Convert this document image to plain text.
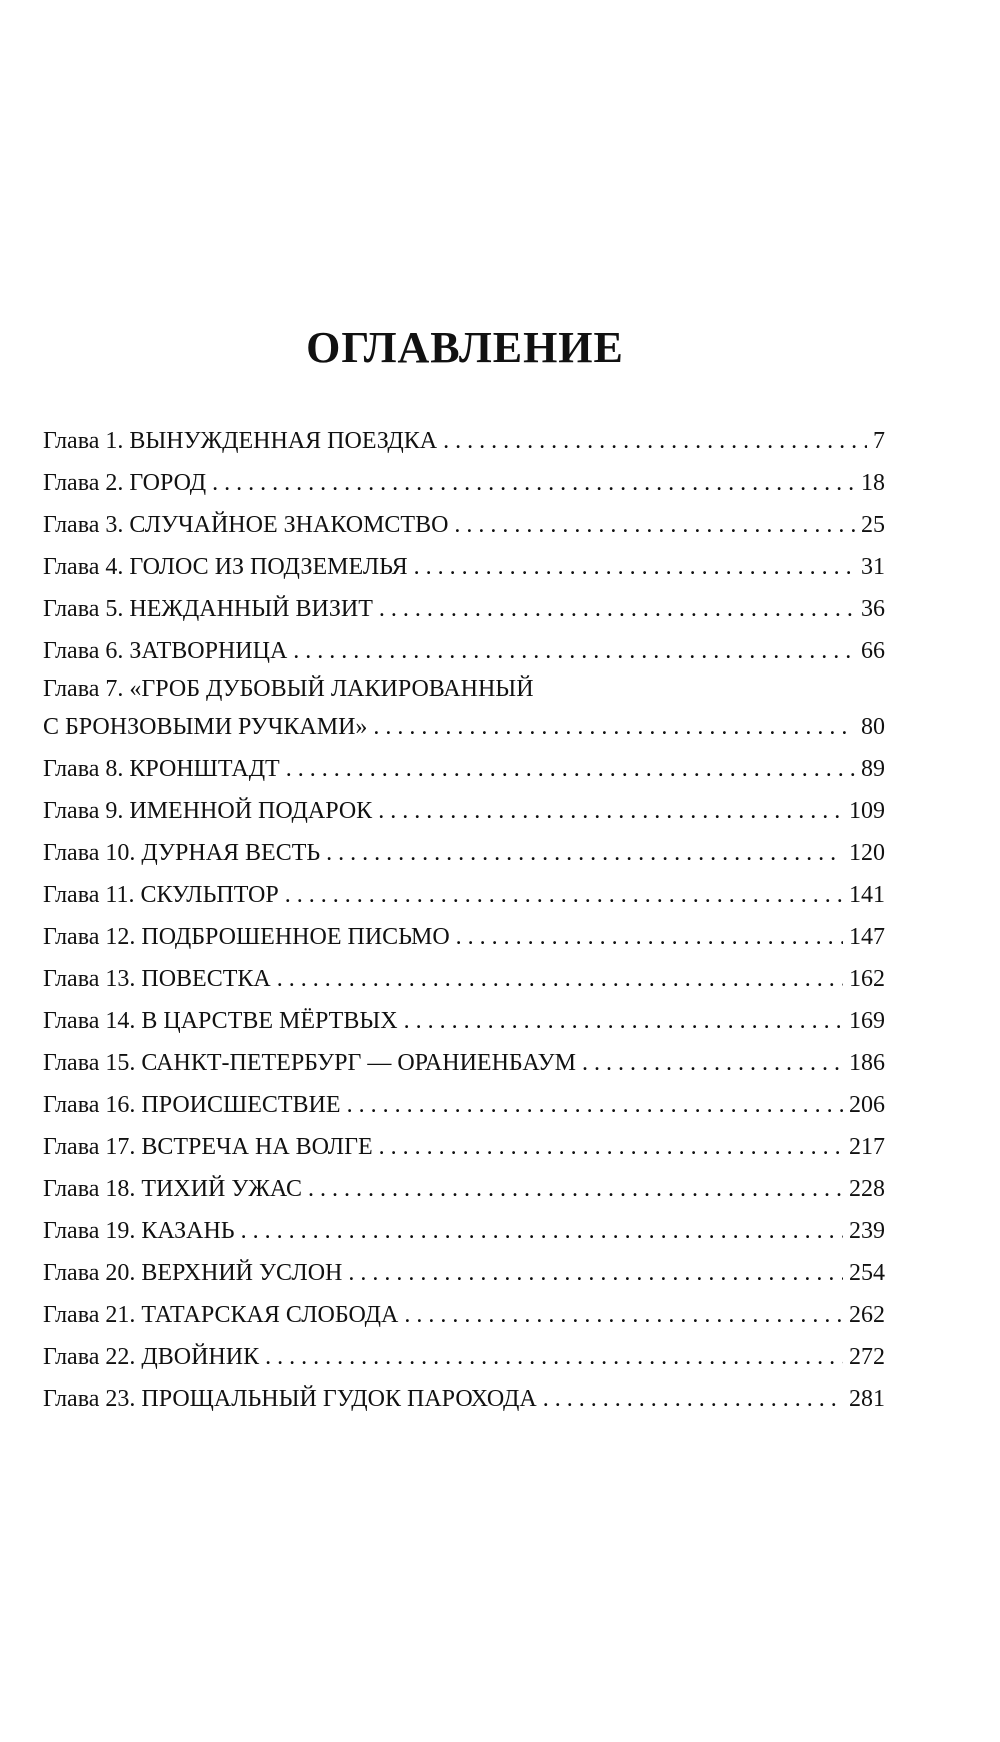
ОГЛАВЛЕНИЕ
Глава 1. ВЫНУЖДЕННАЯ ПОЕЗДКА . . .	7
Глава 2. ГОРОД . . .	18
Глава 3. СЛУЧАЙНОЕ ЗНАКОМСТВО . . .	25
Глава 4. ГОЛОС ИЗ ПОДЗЕМЕЛЬЯ . . .	31
Глава 5. НЕЖДАННЫЙ ВИЗИТ . . .	36
Глава 6. ЗАТВОРНИЦА . . .	66
Глава 7. «ГРОБ ДУБОВЫЙ ЛАКИРОВАННЫЙ
С БРОНЗОВЫМИ РУЧКАМИ» . . .	80
Глава 8. КРОНШТАДТ . . .	89
Глава 9. ИМЕННОЙ ПОДАРОК . . .	109
Глава 10. ДУРНАЯ ВЕСТЬ . . .	120
Глава 11. СКУЛЬПТОР . . .	141
Глава 12. ПОДБРОШЕННОЕ ПИСЬМО . . .	147
Глава 13. ПОВЕСТКА . . .	162
Глава 14. В ЦАРСТВЕ МЁРТВЫХ . . .	169
Глава 15. САНКТ-ПЕТЕРБУРГ — ОРАНИЕНБАУМ . . .	186
Глава 16. ПРОИСШЕСТВИЕ . . .	206
Глава 17. ВСТРЕЧА НА ВОЛГЕ . . .	217
Глава 18. ТИХИЙ УЖАС . . .	228
Глава 19. КАЗАНЬ . . .	239
Глава 20. ВЕРХНИЙ УСЛОН . . .	254
Глава 21. ТАТАРСКАЯ СЛОБОДА . . .	262
Глава 22. ДВОЙНИК . . .	272
Глава 23. ПРОЩАЛЬНЫЙ ГУДОК ПАРОХОДА . . .	281
